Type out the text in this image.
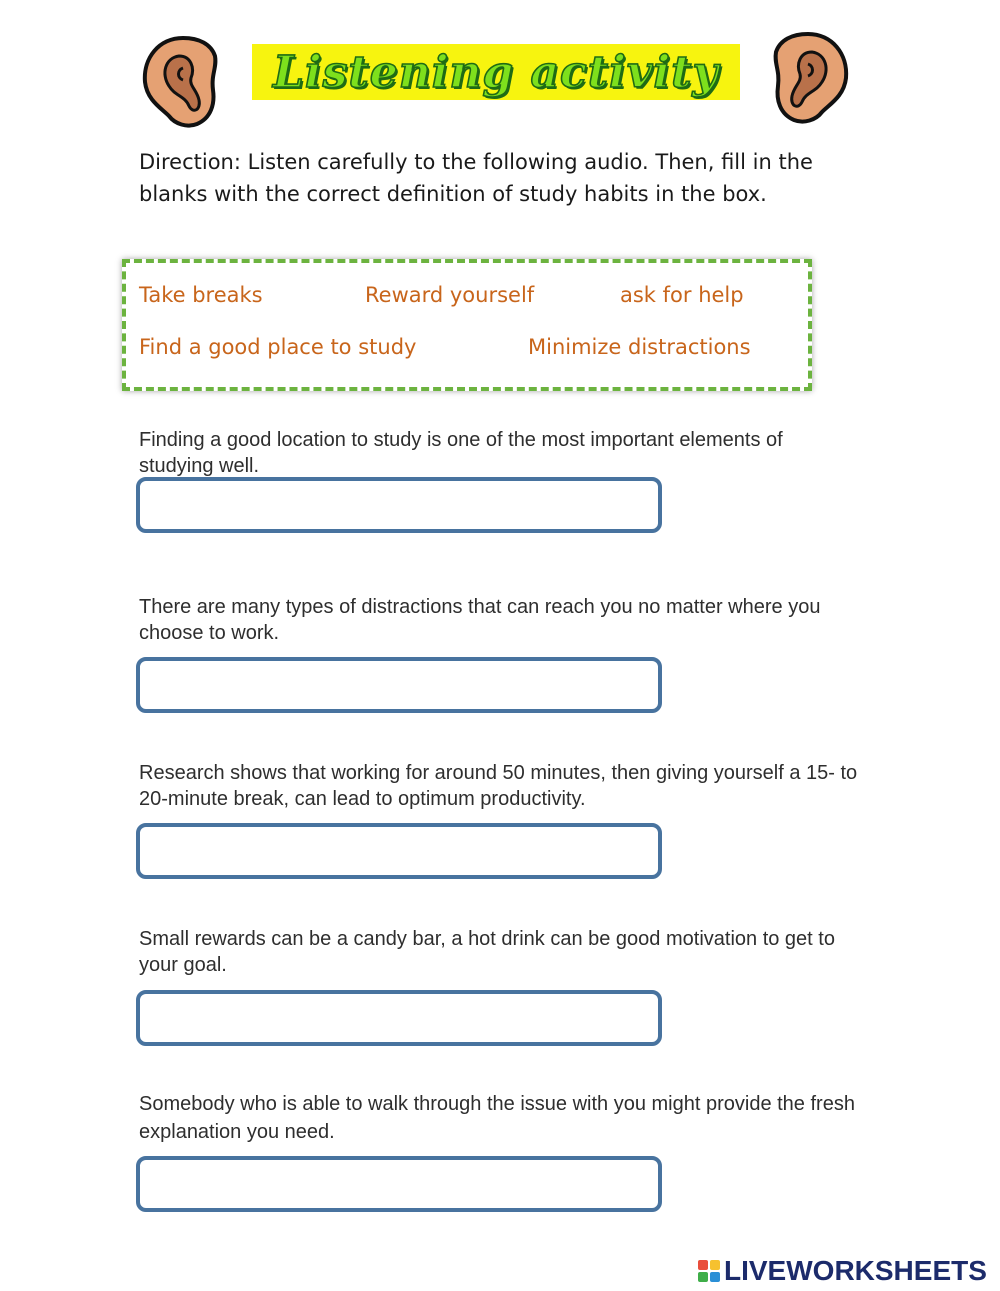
Listening activity

Direction: Listen carefully to the following audio. Then, fill in the blanks with the correct definition of study habits in the box.

Take breaks	Reward yourself	ask for help
Find a good place to study	Minimize distractions

Finding a good location to study is one of the most important elements of studying well.

There are many types of distractions that can reach you no matter where you choose to work.

Research shows that working for around 50 minutes, then giving yourself a 15- to 20-minute break, can lead to optimum productivity.

Small rewards can be a candy bar, a hot drink can be good motivation to get to your goal.

Somebody who is able to walk through the issue with you might provide the fresh explanation you need.

LIVEWORKSHEETS
